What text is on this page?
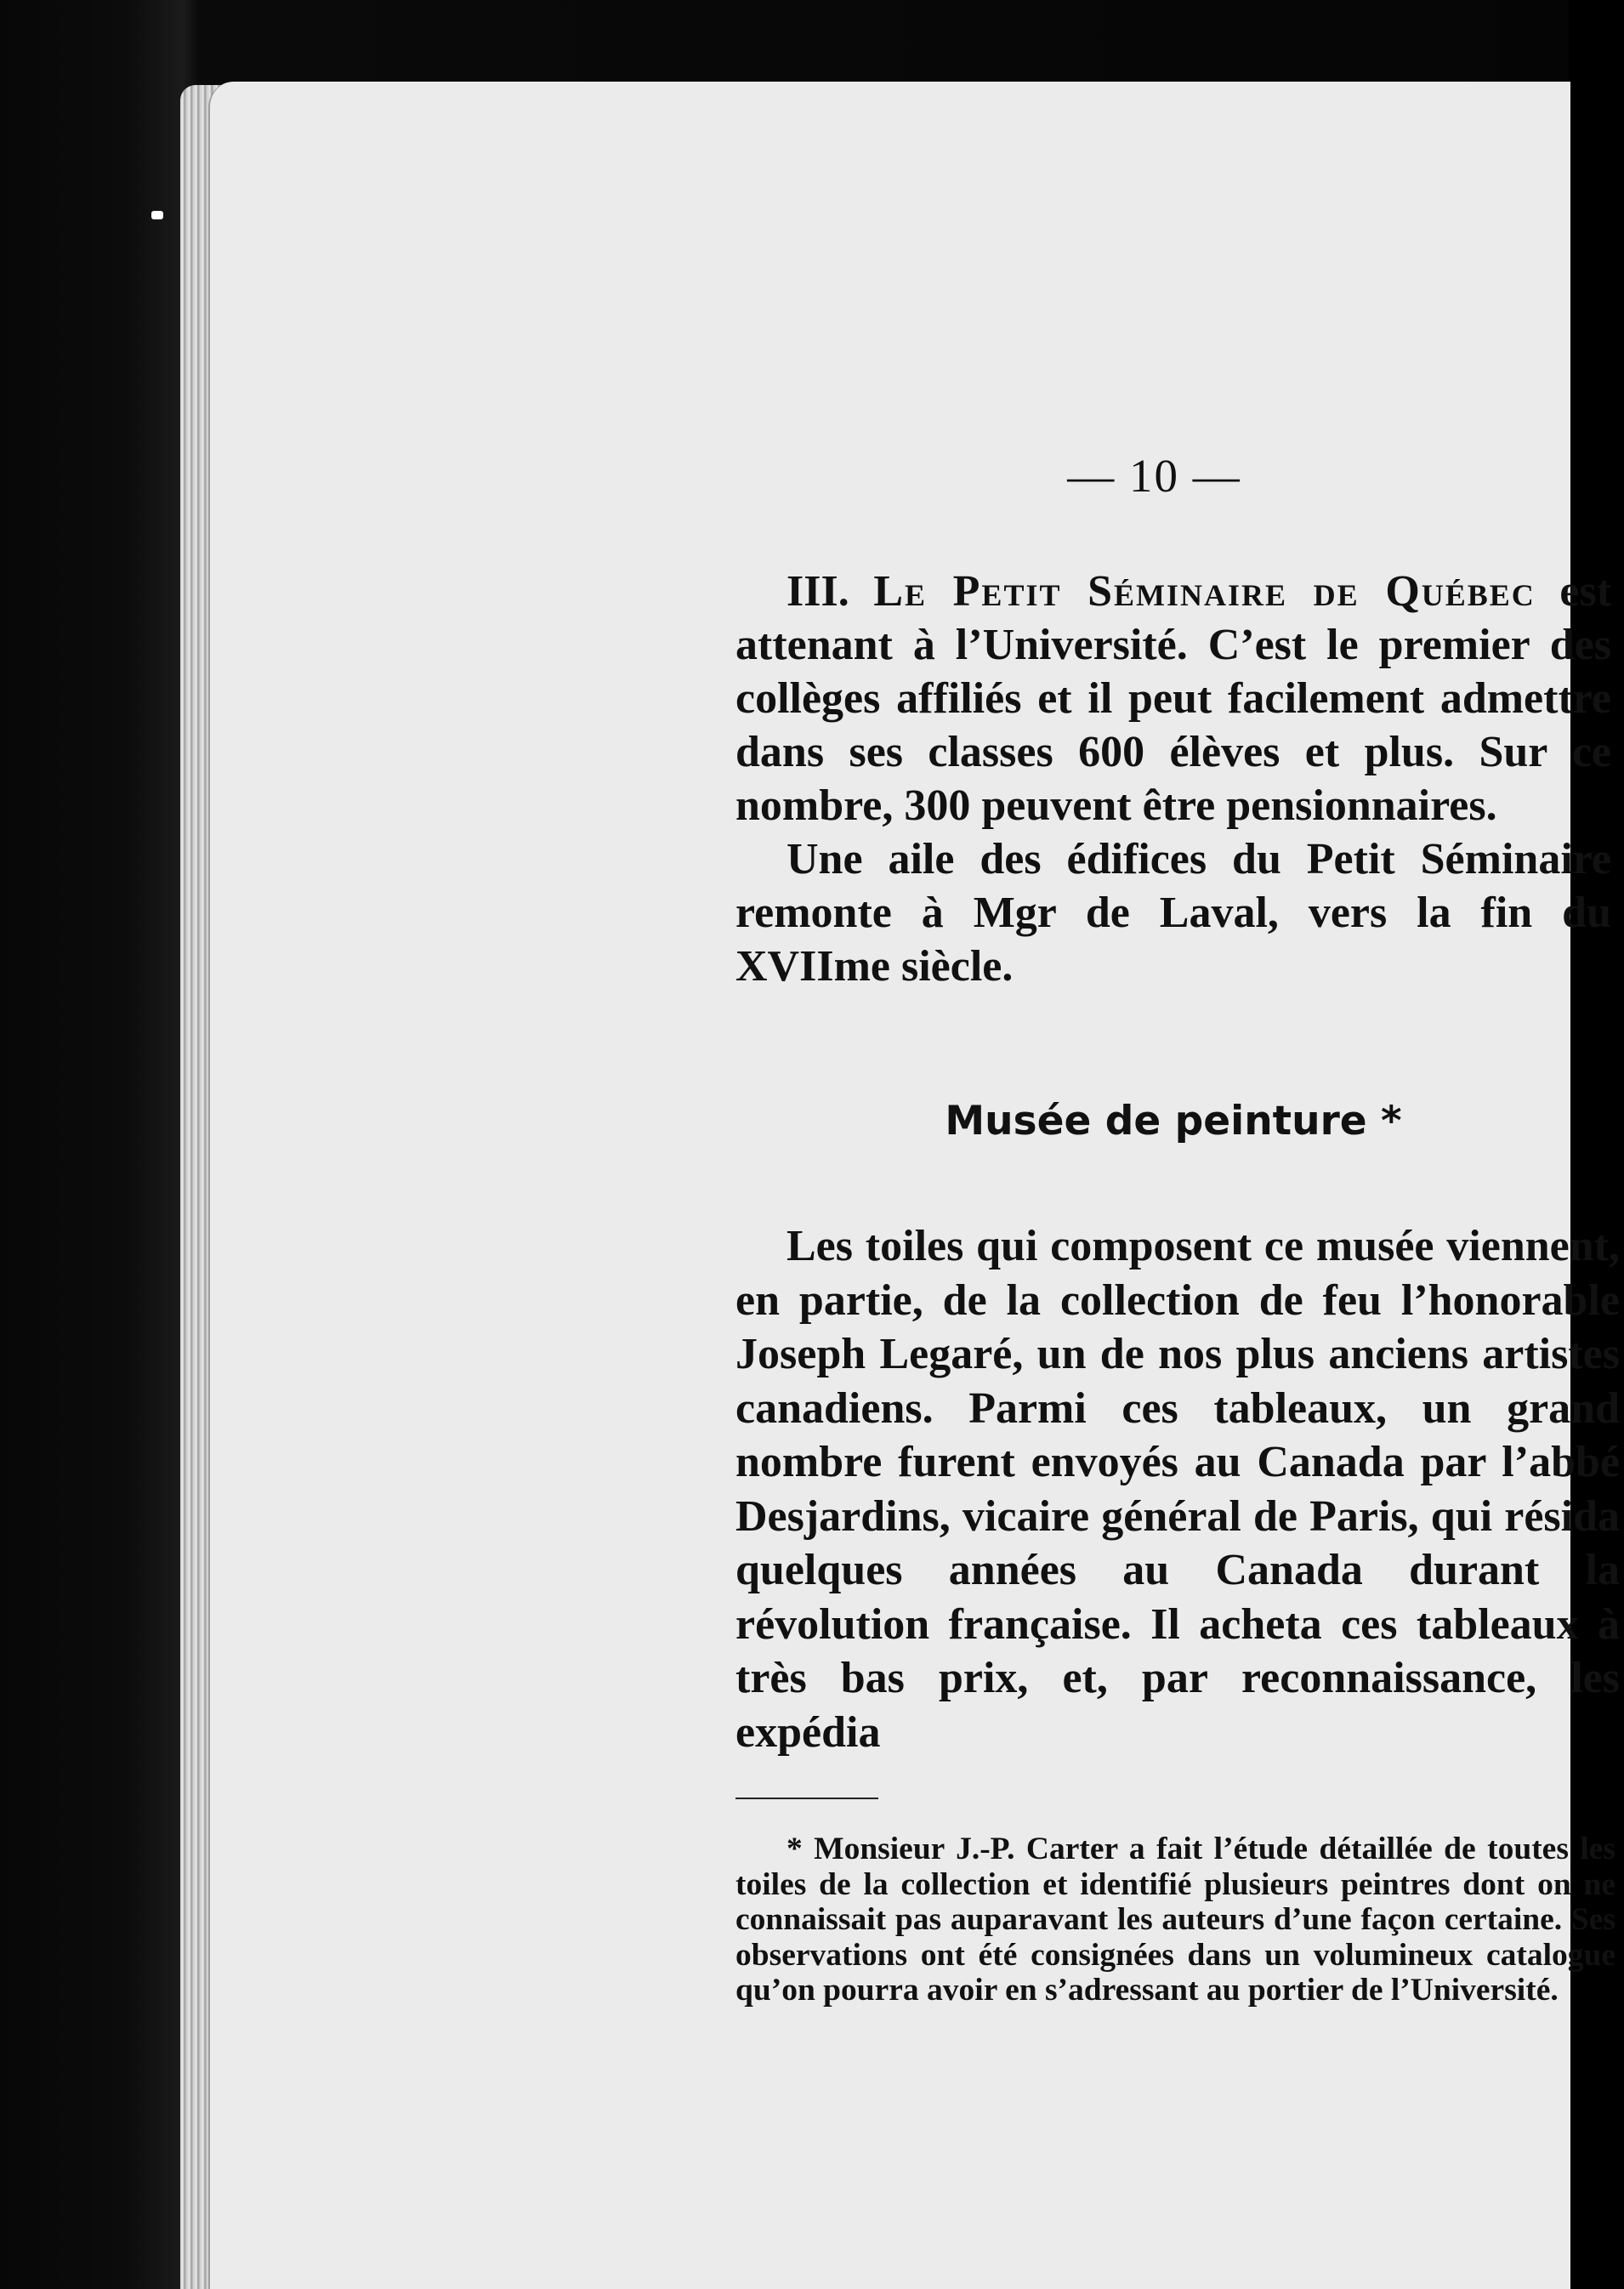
— 10 —

III. Le Petit Séminaire de Québec est attenant à l’Université. C’est le premier des collèges affiliés et il peut facilement admettre dans ses classes 600 élèves et plus. Sur ce nombre, 300 peuvent être pensionnaires.

Une aile des édifices du Petit Séminaire remonte à Mgr de Laval, vers la fin du XVIIme siècle.

Musée de peinture *

Les toiles qui composent ce musée viennent, en partie, de la collection de feu l’honorable Joseph Legaré, un de nos plus anciens artistes canadiens. Parmi ces tableaux, un grand nombre furent envoyés au Canada par l’abbé Desjardins, vicaire général de Paris, qui résida quelques années au Canada durant la révolution française. Il acheta ces tableaux à très bas prix, et, par reconnaissance, les expédia

* Monsieur J.-P. Carter a fait l’étude détaillée de toutes les toiles de la collection et identifié plusieurs peintres dont on ne connaissait pas auparavant les auteurs d’une façon certaine. Ses observations ont été consignées dans un volumineux catalogue qu’on pourra avoir en s’adressant au portier de l’Université.
